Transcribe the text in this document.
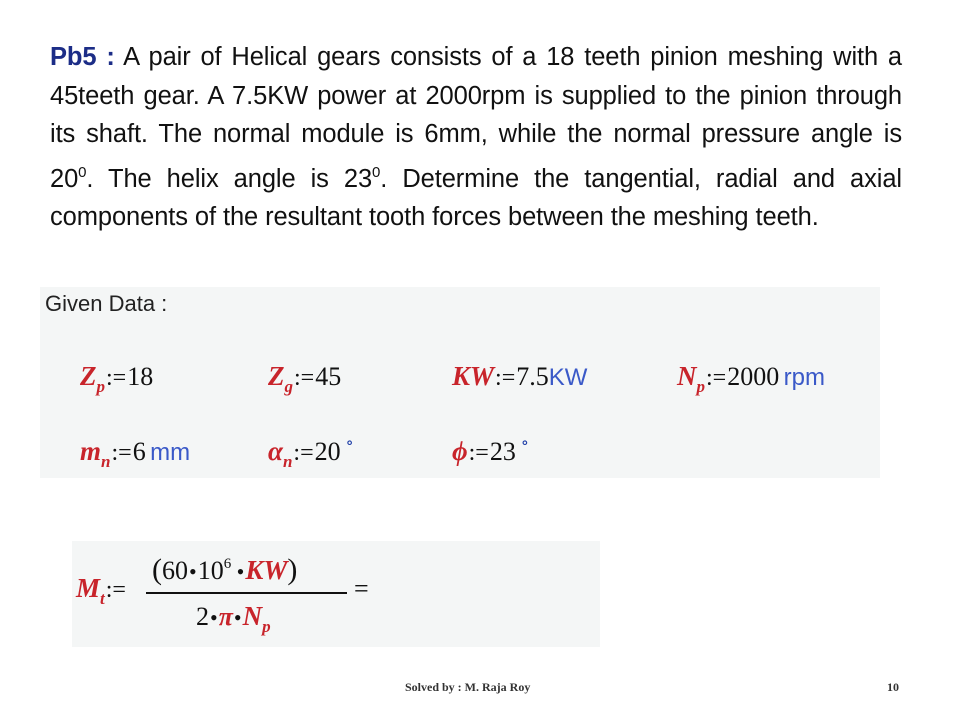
Pb5 : A pair of Helical gears consists of a 18 teeth pinion meshing with a 45teeth gear. A 7.5KW power at 2000rpm is supplied to the pinion through its shaft. The normal module is 6mm, while the normal pressure angle is $20^0$. The helix angle is $23^0$. Determine the tangential, radial and axial components of the resultant tooth forces between the meshing teeth.
Given Data :
$Z_p:=18$	$Z_g:=45$	KW:=7.5KW	$N_p:=2000$ rpm
$m_n:=6$ mm	$\alpha_n:=20$ °	ϕ:=23 °
$M_t:=$
($60•10^6$ •KW)
$2•\pi•N_p$
=
Solved by : M. Raja Roy	10
